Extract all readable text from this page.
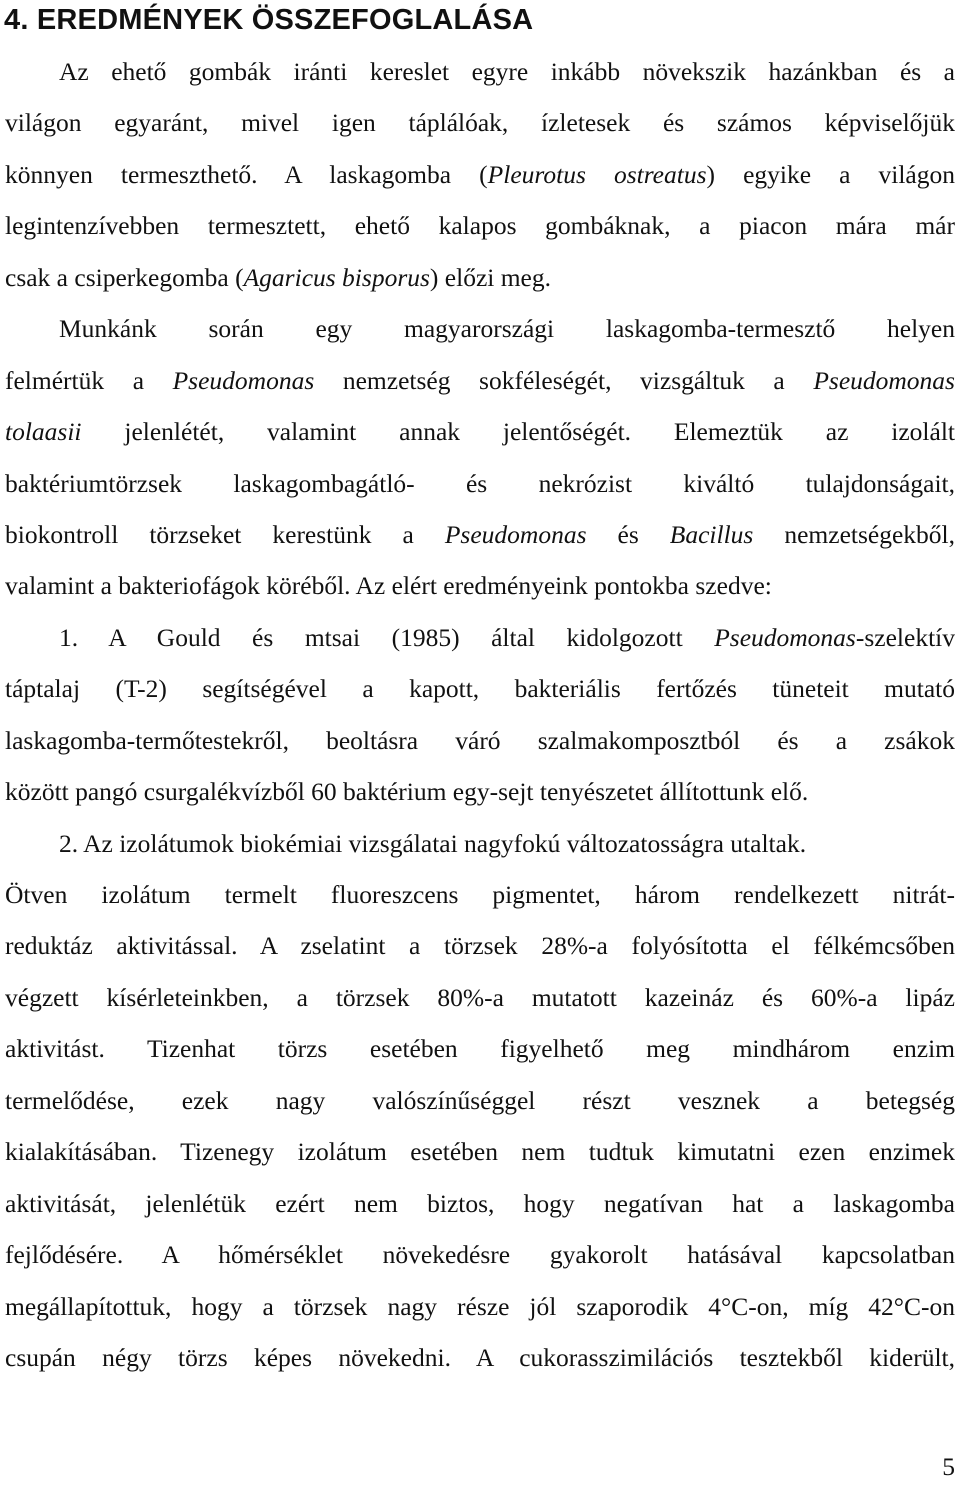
4. EREDMÉNYEK ÖSSZEFOGLALÁSA
Az ehető gombák iránti kereslet egyre inkább növekszik hazánkban és a
világon egyaránt, mivel igen táplálóak, ízletesek és számos képviselőjük
könnyen termeszthető. A laskagomba (Pleurotus ostreatus) egyike a világon
legintenzívebben termesztett, ehető kalapos gombáknak, a piacon mára már
csak a csiperkegomba (Agaricus bisporus) előzi meg.
Munkánk során egy magyarországi laskagomba-termesztő helyen
felmértük a Pseudomonas nemzetség sokféleségét, vizsgáltuk a Pseudomonas
tolaasii jelenlétét, valamint annak jelentőségét. Elemeztük az izolált
baktériumtörzsek laskagombagátló- és nekrózist kiváltó tulajdonságait,
biokontroll törzseket kerestünk a Pseudomonas és Bacillus nemzetségekből,
valamint a bakteriofágok köréből. Az elért eredményeink pontokba szedve:
1. A Gould és mtsai (1985) által kidolgozott Pseudomonas-szelektív
táptalaj (T-2) segítségével a kapott, bakteriális fertőzés tüneteit mutató
laskagomba-termőtestekről, beoltásra váró szalmakomposztból és a zsákok
között pangó csurgalékvízből 60 baktérium egy-sejt tenyészetet állítottunk elő.
2. Az izolátumok biokémiai vizsgálatai nagyfokú változatosságra utaltak.
Ötven izolátum termelt fluoreszcens pigmentet, három rendelkezett nitrát-
reduktáz aktivitással. A zselatint a törzsek 28%-a folyósította el félkémcsőben
végzett kísérleteinkben, a törzsek 80%-a mutatott kazeináz és 60%-a lipáz
aktivitást. Tizenhat törzs esetében figyelhető meg mindhárom enzim
termelődése, ezek nagy valószínűséggel részt vesznek a betegség
kialakításában. Tizenegy izolátum esetében nem tudtuk kimutatni ezen enzimek
aktivitását, jelenlétük ezért nem biztos, hogy negatívan hat a laskagomba
fejlődésére. A hőmérséklet növekedésre gyakorolt hatásával kapcsolatban
megállapítottuk, hogy a törzsek nagy része jól szaporodik 4°C-on, míg 42°C-on
csupán négy törzs képes növekedni. A cukorasszimilációs tesztekből kiderült,
5
